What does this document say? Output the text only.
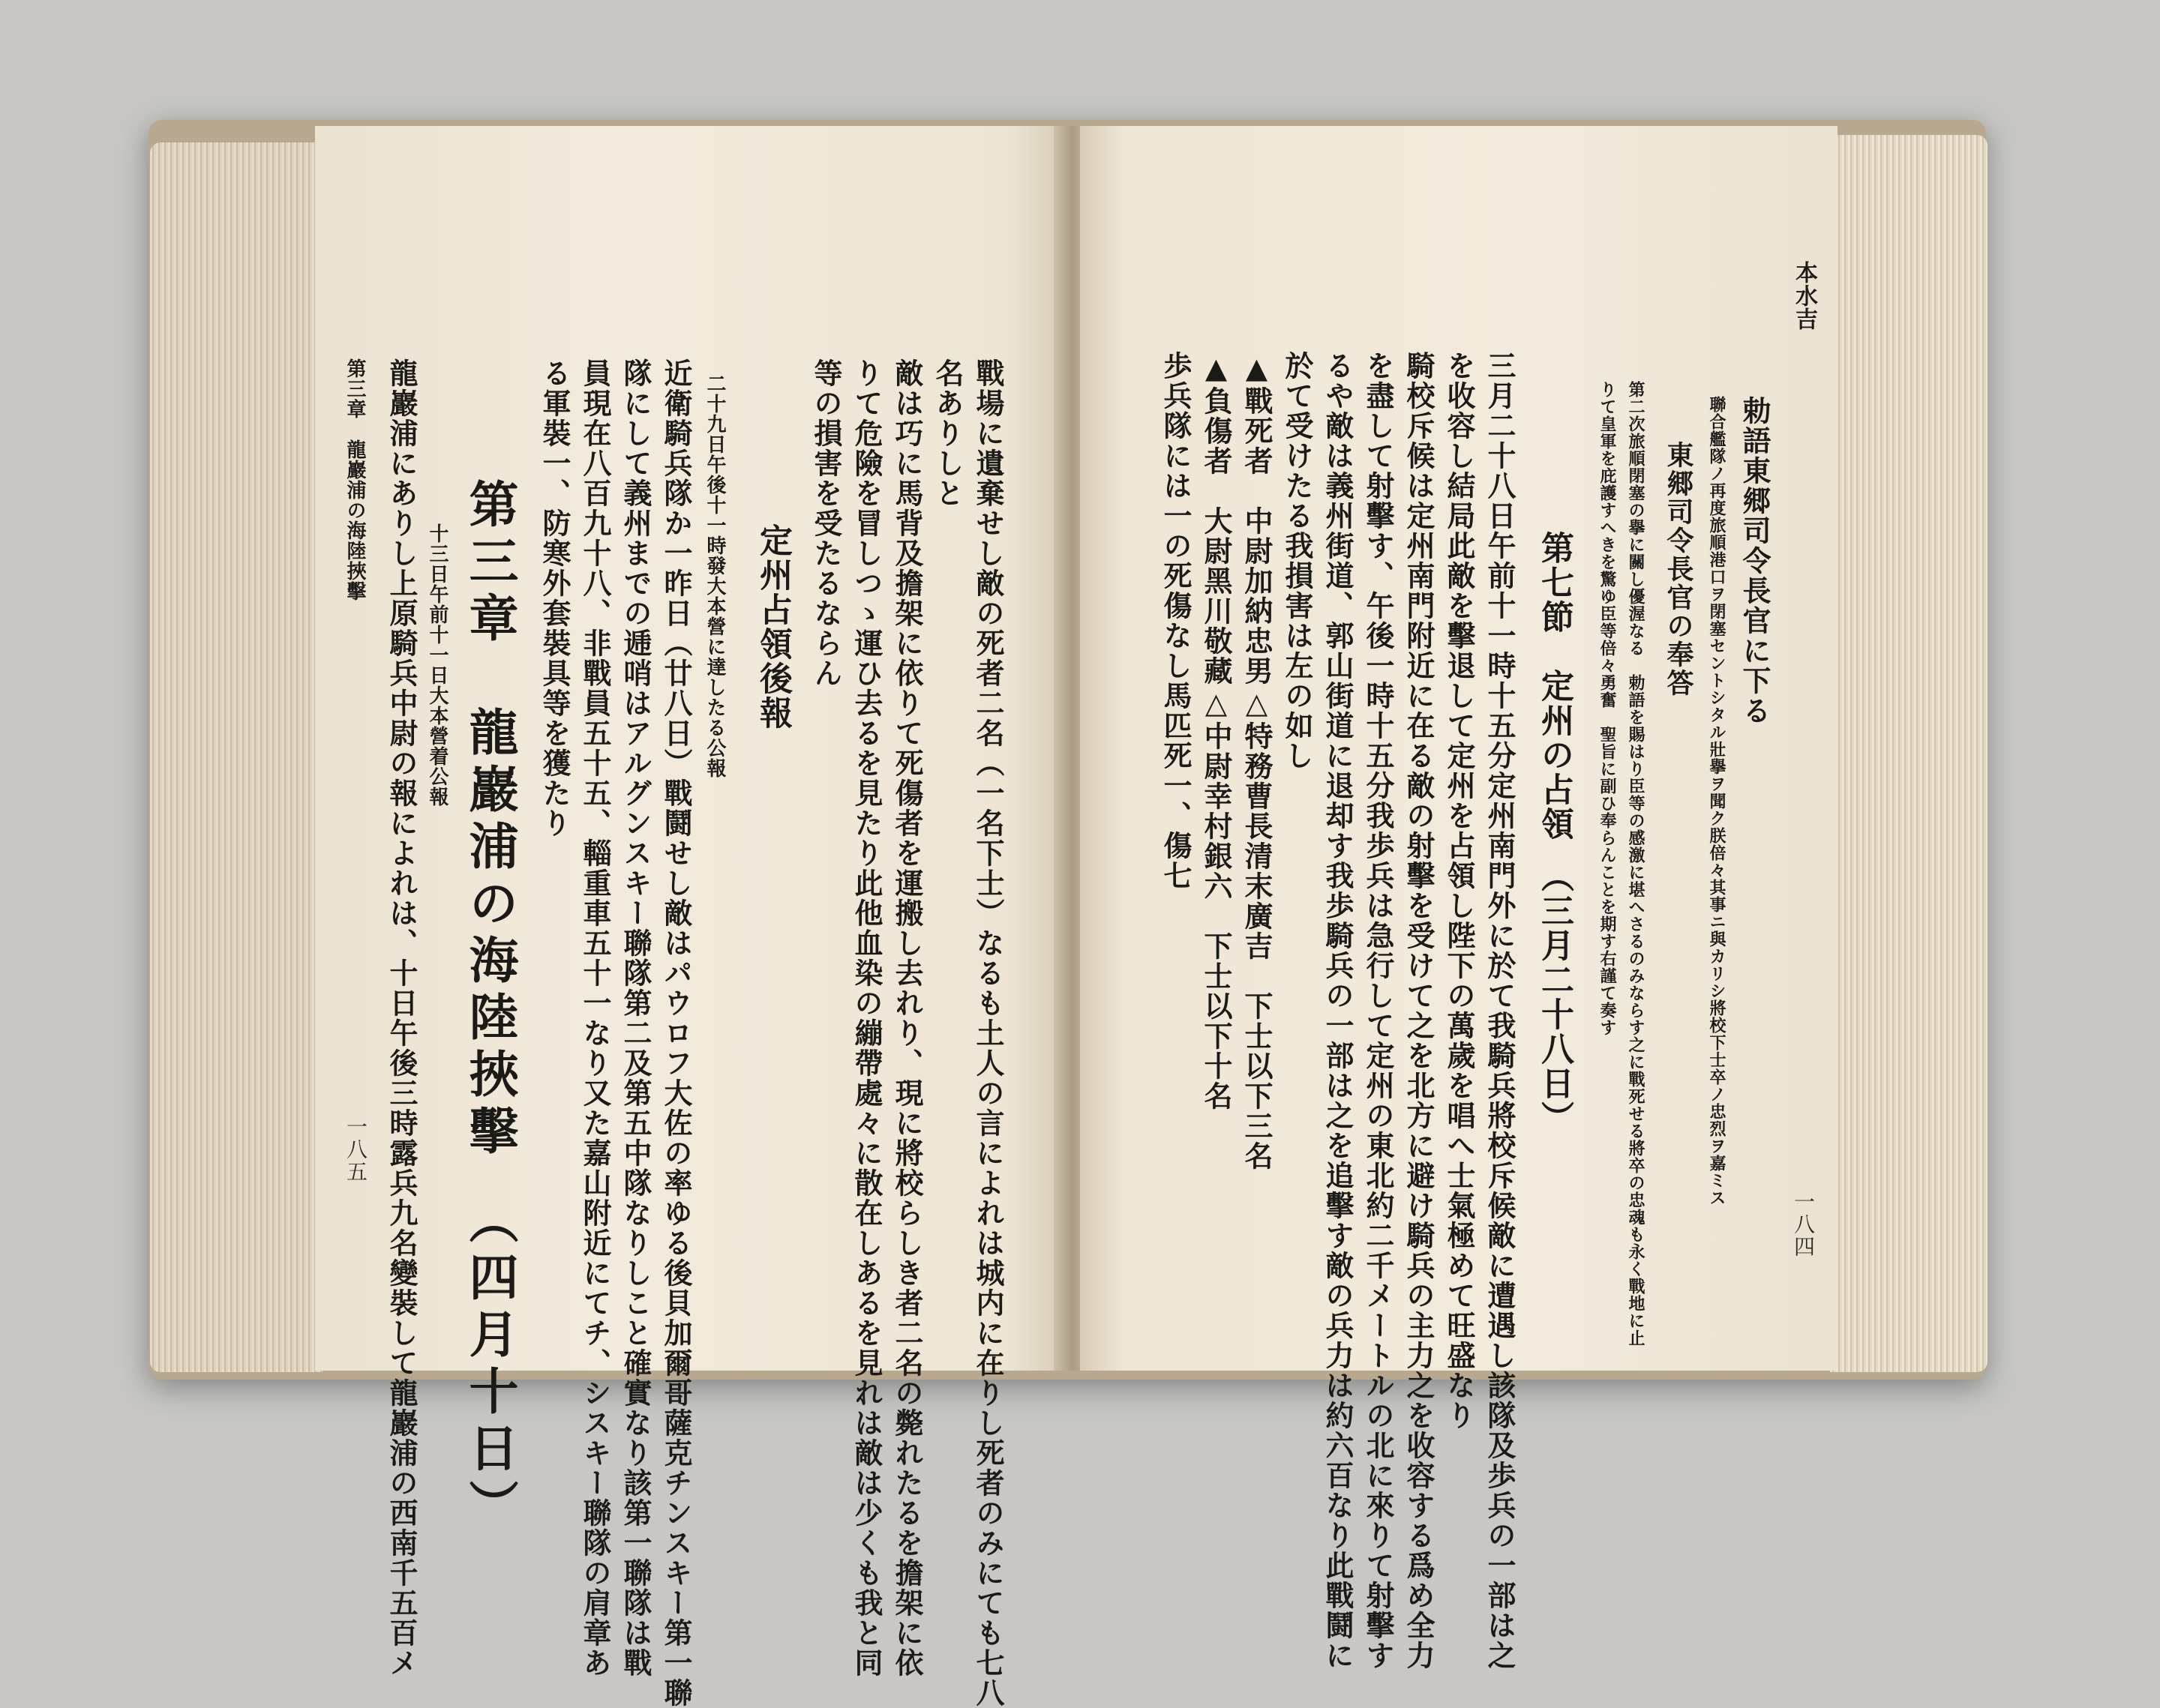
戰場に遺棄せし敵の死者二名（一名下士）なるも土人の言によれは城内に在りし死者のみにても七八
名ありしと
敵は巧に馬背及擔架に依りて死傷者を運搬し去れり、現に將校らしき者二名の斃れたるを擔架に依
りて危險を冒しつゝ運ひ去るを見たり此他血染の繃帶處々に散在しあるを見れは敵は少くも我と同
等の損害を受たるならん
定州占領後報
二十九日午後十一時發大本營に達したる公報
近衛騎兵隊か一昨日（廿八日）戰鬪せし敵はパウロフ大佐の率ゆる後貝加爾哥薩克チンスキー第一聯
隊にして義州までの逓哨はアルグンスキー聯隊第二及第五中隊なりしこと確實なり該第一聯隊は戰
員現在八百九十八、非戰員五十五、輜重車五十一なり又た嘉山附近にてチ、シスキー聯隊の肩章あ
る軍裝一、防寒外套裝具等を獲たり
第三章　龍巖浦の海陸挾擊　（四月十日）
十三日午前十一日大本營着公報
龍巖浦にありし上原騎兵中尉の報によれは、十日午後三時露兵九名變裝して龍巖浦の西南千五百メ
第三章　龍巖浦の海陸挾擊
一八五
本水吉
一八四
勅語東郷司令長官に下る
聯合艦隊ノ再度旅順港口ヲ閉塞セントシタル壯擧ヲ聞ク朕倍々其事ニ與カリシ將校下士卒ノ忠烈ヲ嘉ミス
東郷司令長官の奉答
第二次旅順閉塞の擧に關し優渥なる　勅語を賜はり臣等の感激に堪へさるのみならす之に戰死せる將卒の忠魂も永く戰地に止
りて皇軍を庇護すへきを驚ゆ臣等倍々勇奮　聖旨に副ひ奉らんことを期す右謹て奏す
第七節　定州の占領　（三月二十八日）
三月二十八日午前十一時十五分定州南門外に於て我騎兵將校斥候敵に遭遇し該隊及歩兵の一部は之
を收容し結局此敵を擊退して定州を占領し陛下の萬歲を唱へ士氣極めて旺盛なり
騎校斥候は定州南門附近に在る敵の射擊を受けて之を北方に避け騎兵の主力之を收容する爲め全力
を盡して射擊す、午後一時十五分我歩兵は急行して定州の東北約二千メートルの北に來りて射擊す
るや敵は義州街道、郭山街道に退却す我歩騎兵の一部は之を追擊す敵の兵力は約六百なり此戰鬪に
於て受けたる我損害は左の如し
▲戰死者　中尉加納忠男△特務曹長清末廣吉　下士以下三名
▲負傷者　大尉黑川敬藏△中尉幸村銀六　下士以下十名
歩兵隊には一の死傷なし馬匹死一、傷七
